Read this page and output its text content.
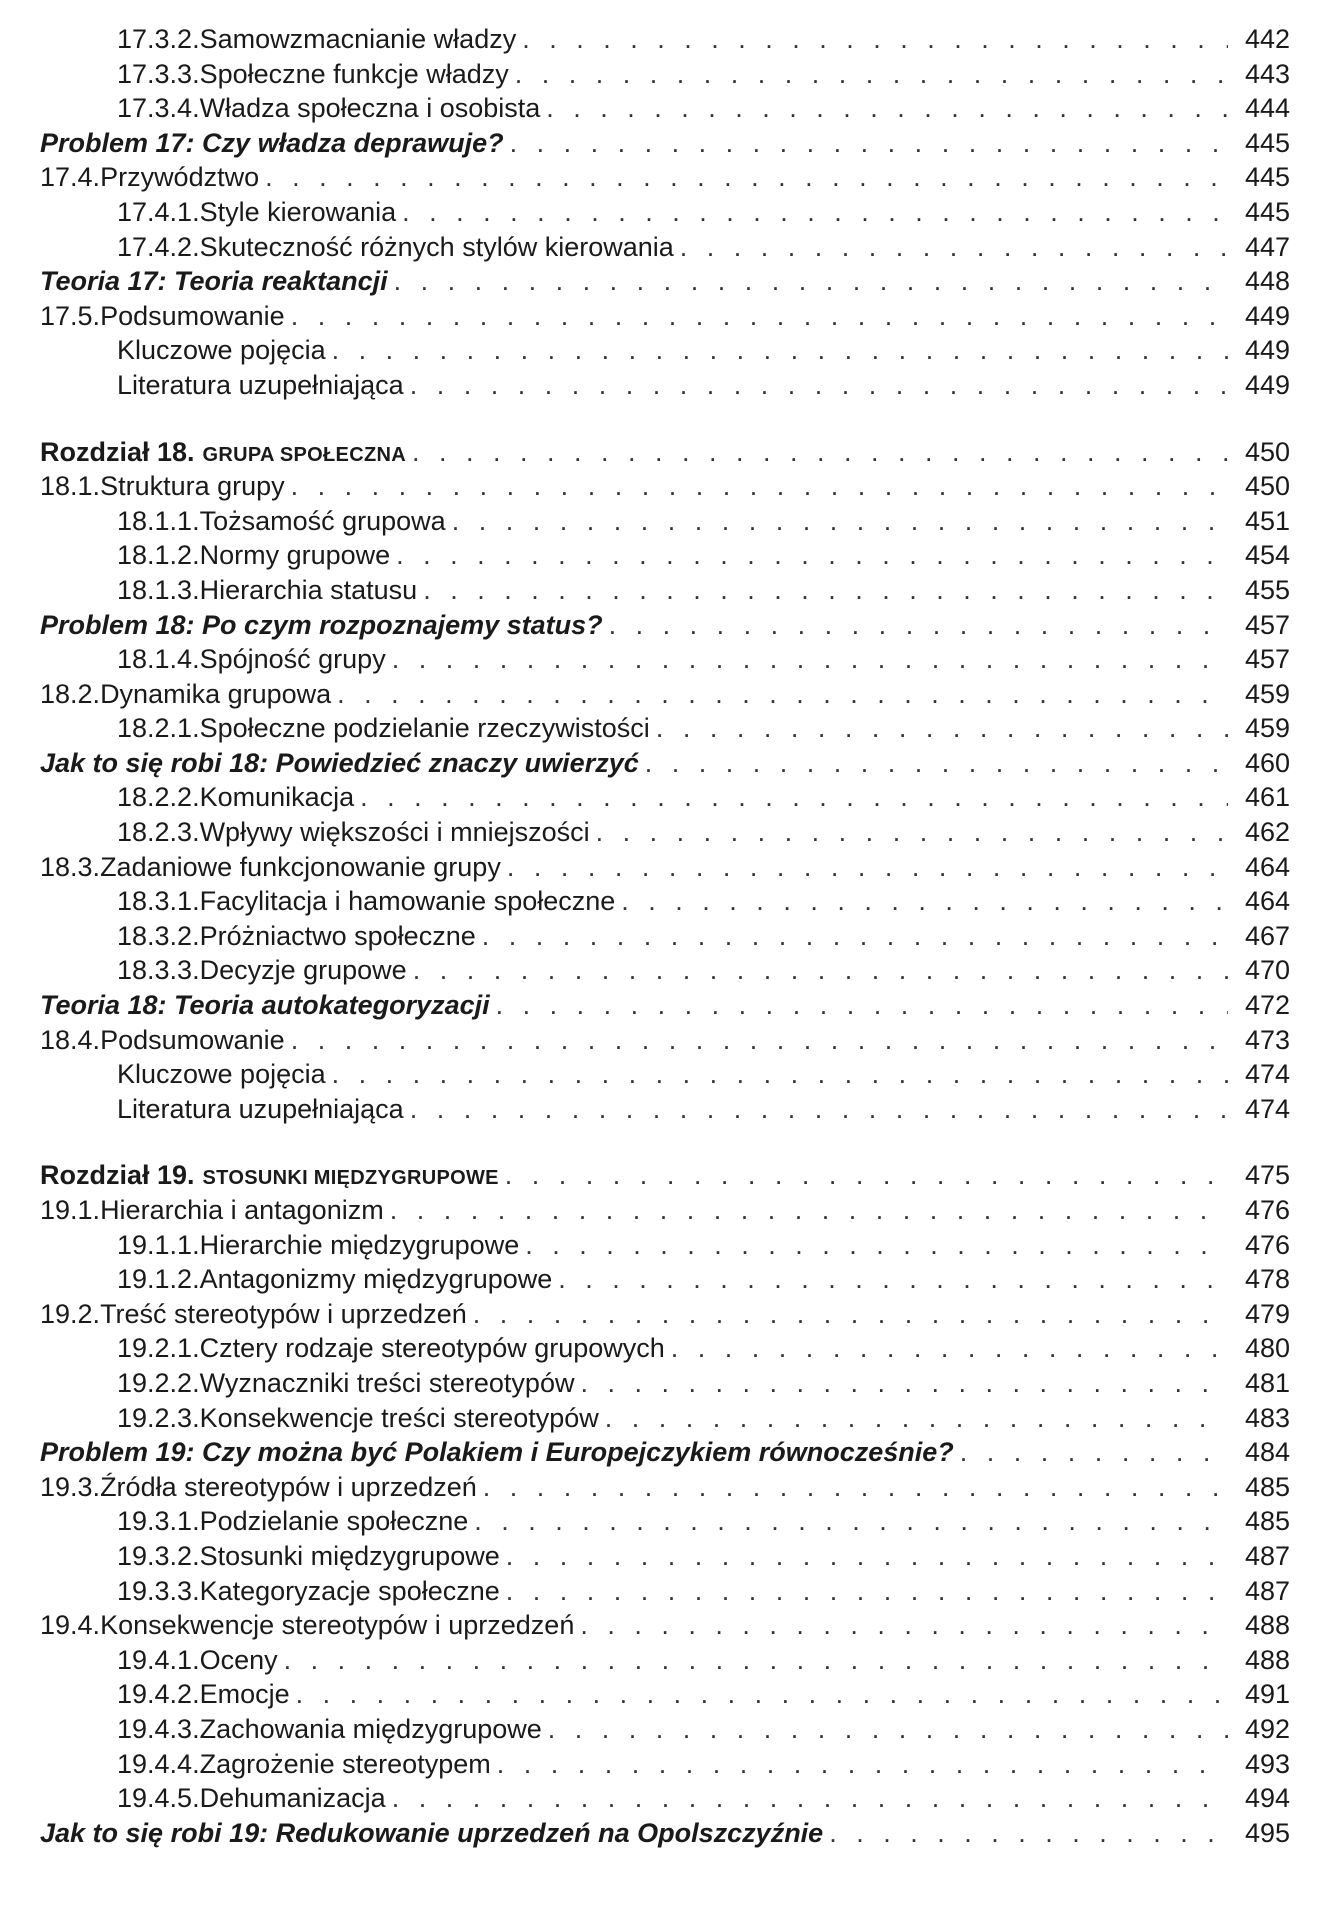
17.3.2. Samowzmacnianie władzy . . .	442
17.3.3. Społeczne funkcje władzy . . .	443
17.3.4. Władza społeczna i osobista . . .	444
Problem 17: Czy władza deprawuje? . . .	445
17.4. Przywództwo . . .	445
17.4.1. Style kierowania . . .	445
17.4.2. Skuteczność różnych stylów kierowania . . .	447
Teoria 17: Teoria reaktancji . . .	448
17.5. Podsumowanie . . .	449
Kluczowe pojęcia . . .	449
Literatura uzupełniająca . . .	449
Rozdział 18. GRUPA SPOŁECZNA . . .	450
18.1. Struktura grupy . . .	450
18.1.1. Tożsamość grupowa . . .	451
18.1.2. Normy grupowe . . .	454
18.1.3. Hierarchia statusu . . .	455
Problem 18: Po czym rozpoznajemy status? . . .	457
18.1.4. Spójność grupy . . .	457
18.2. Dynamika grupowa . . .	459
18.2.1. Społeczne podzielanie rzeczywistości . . .	459
Jak to się robi 18: Powiedzieć znaczy uwierzyć . . .	460
18.2.2. Komunikacja . . .	461
18.2.3. Wpływy większości i mniejszości . . .	462
18.3. Zadaniowe funkcjonowanie grupy . . .	464
18.3.1. Facylitacja i hamowanie społeczne . . .	464
18.3.2. Próżniactwo społeczne . . .	467
18.3.3. Decyzje grupowe . . .	470
Teoria 18: Teoria autokategoryzacji . . .	472
18.4. Podsumowanie . . .	473
Kluczowe pojęcia . . .	474
Literatura uzupełniająca . . .	474
Rozdział 19. STOSUNKI MIĘDZYGRUPOWE . . .	475
19.1. Hierarchia i antagonizm . . .	476
19.1.1. Hierarchie międzygrupowe . . .	476
19.1.2. Antagonizmy międzygrupowe . . .	478
19.2. Treść stereotypów i uprzedzeń . . .	479
19.2.1. Cztery rodzaje stereotypów grupowych . . .	480
19.2.2. Wyznaczniki treści stereotypów . . .	481
19.2.3. Konsekwencje treści stereotypów . . .	483
Problem 19: Czy można być Polakiem i Europejczykiem równocześnie? . . .	484
19.3. Źródła stereotypów i uprzedzeń . . .	485
19.3.1. Podzielanie społeczne . . .	485
19.3.2. Stosunki międzygrupowe . . .	487
19.3.3. Kategoryzacje społeczne . . .	487
19.4. Konsekwencje stereotypów i uprzedzeń . . .	488
19.4.1. Oceny . . .	488
19.4.2. Emocje . . .	491
19.4.3. Zachowania międzygrupowe . . .	492
19.4.4. Zagrożenie stereotypem . . .	493
19.4.5. Dehumanizacja . . .	494
Jak to się robi 19: Redukowanie uprzedzeń na Opolszczyźnie . . .	495
